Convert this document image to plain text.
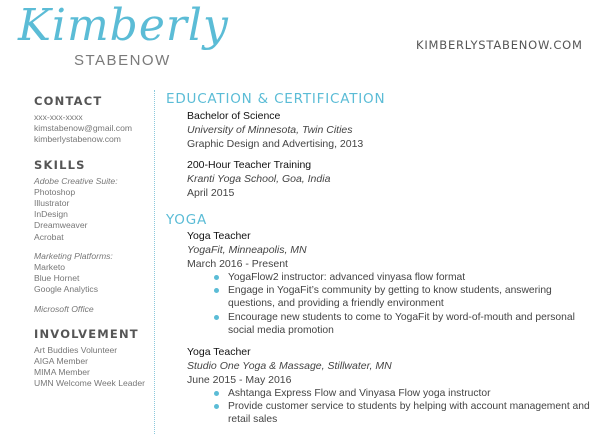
Kimberly
STABENOW
KIMBERLYSTABENOW.COM
CONTACT
xxx-xxx-xxxx
kimstabenow@gmail.com
kimberlystabenow.com
SKILLS
Adobe Creative Suite:
Photoshop
Illustrator
InDesign
Dreamweaver
Acrobat
Marketing Platforms:
Marketo
Blue Hornet
Google Analytics
Microsoft Office
INVOLVEMENT
Art Buddies Volunteer
AIGA Member
MIMA Member
UMN Welcome Week Leader
EDUCATION & CERTIFICATION
Bachelor of Science
University of Minnesota, Twin Cities
Graphic Design and Advertising, 2013
200-Hour Teacher Training
Kranti Yoga School, Goa, India
April 2015
YOGA
Yoga Teacher
YogaFit, Minneapolis, MN
March 2016 - Present
YogaFlow2 instructor: advanced vinyasa flow format
Engage in YogaFit’s community by getting to know students, answering questions, and providing a friendly environment
Encourage new students to come to YogaFit by word-of-mouth and personal social media promotion
Yoga Teacher
Studio One Yoga & Massage, Stillwater, MN
June 2015 - May 2016
Ashtanga Express Flow and Vinyasa Flow yoga instructor
Provide customer service to students by helping with account management and retail sales
